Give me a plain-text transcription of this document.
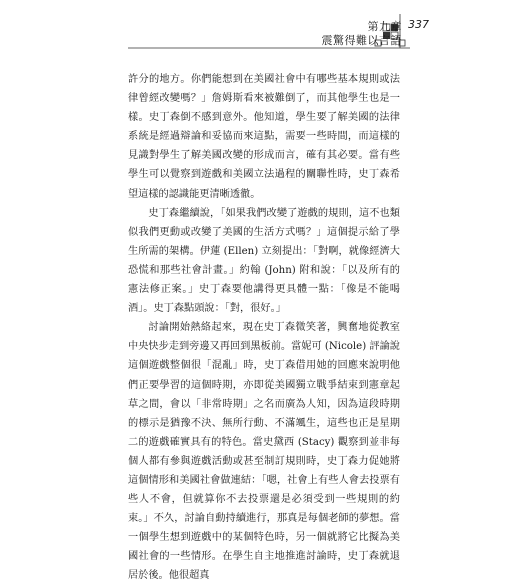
第九章
震驚得難以言語
337

許分的地方。你們能想到在美國社會中有哪些基本規則或法律曾經改變嗎？」詹姆斯看來被難倒了，而其他學生也是一樣。史丁森倒不感到意外。他知道，學生要了解美國的法律系統是經過辯論和妥協而來這點，需要一些時間，而這樣的見識對學生了解美國改變的形成而言，確有其必要。當有些學生可以覺察到遊戲和美國立法過程的關聯性時，史丁森希望這樣的認識能更清晰透徹。

史丁森繼續說，「如果我們改變了遊戲的規則，這不也類似我們更動或改變了美國的生活方式嗎？」這個提示給了學生所需的架構。伊蓮 (Ellen) 立刻提出：「對啊，就像經濟大恐慌和那些社會計畫。」約翰 (John) 附和說：「以及所有的憲法修正案。」史丁森要他講得更具體一點：「像是不能喝酒」。史丁森點頭說：「對，很好。」

討論開始熱絡起來，現在史丁森微笑著，興奮地從教室中央快步走到旁邊又再回到黑板前。當妮可 (Nicole) 評論說這個遊戲整個很「混亂」時，史丁森借用她的回應來說明他們正要學習的這個時期，亦即從美國獨立戰爭結束到憲章起草之間，會以「非常時期」之名而廣為人知，因為這段時期的標示是猶豫不決、無所行動、不滿颯生，這些也正是星期二的遊戲確實具有的特色。當史黛西 (Stacy) 觀察到並非每個人都有參與遊戲活動或甚至制訂規則時，史丁森力促她將這個情形和美國社會做連結：「嗯，社會上有些人會去投票有些人不會，但就算你不去投票還是必須受到一些規則的約束。」不久，討論自動持續進行，那真是每個老師的夢想。當一個學生想到遊戲中的某個特色時，另一個就將它比擬為美國社會的一些情形。在學生自主地推進討論時，史丁森就退居於後。他很超真
